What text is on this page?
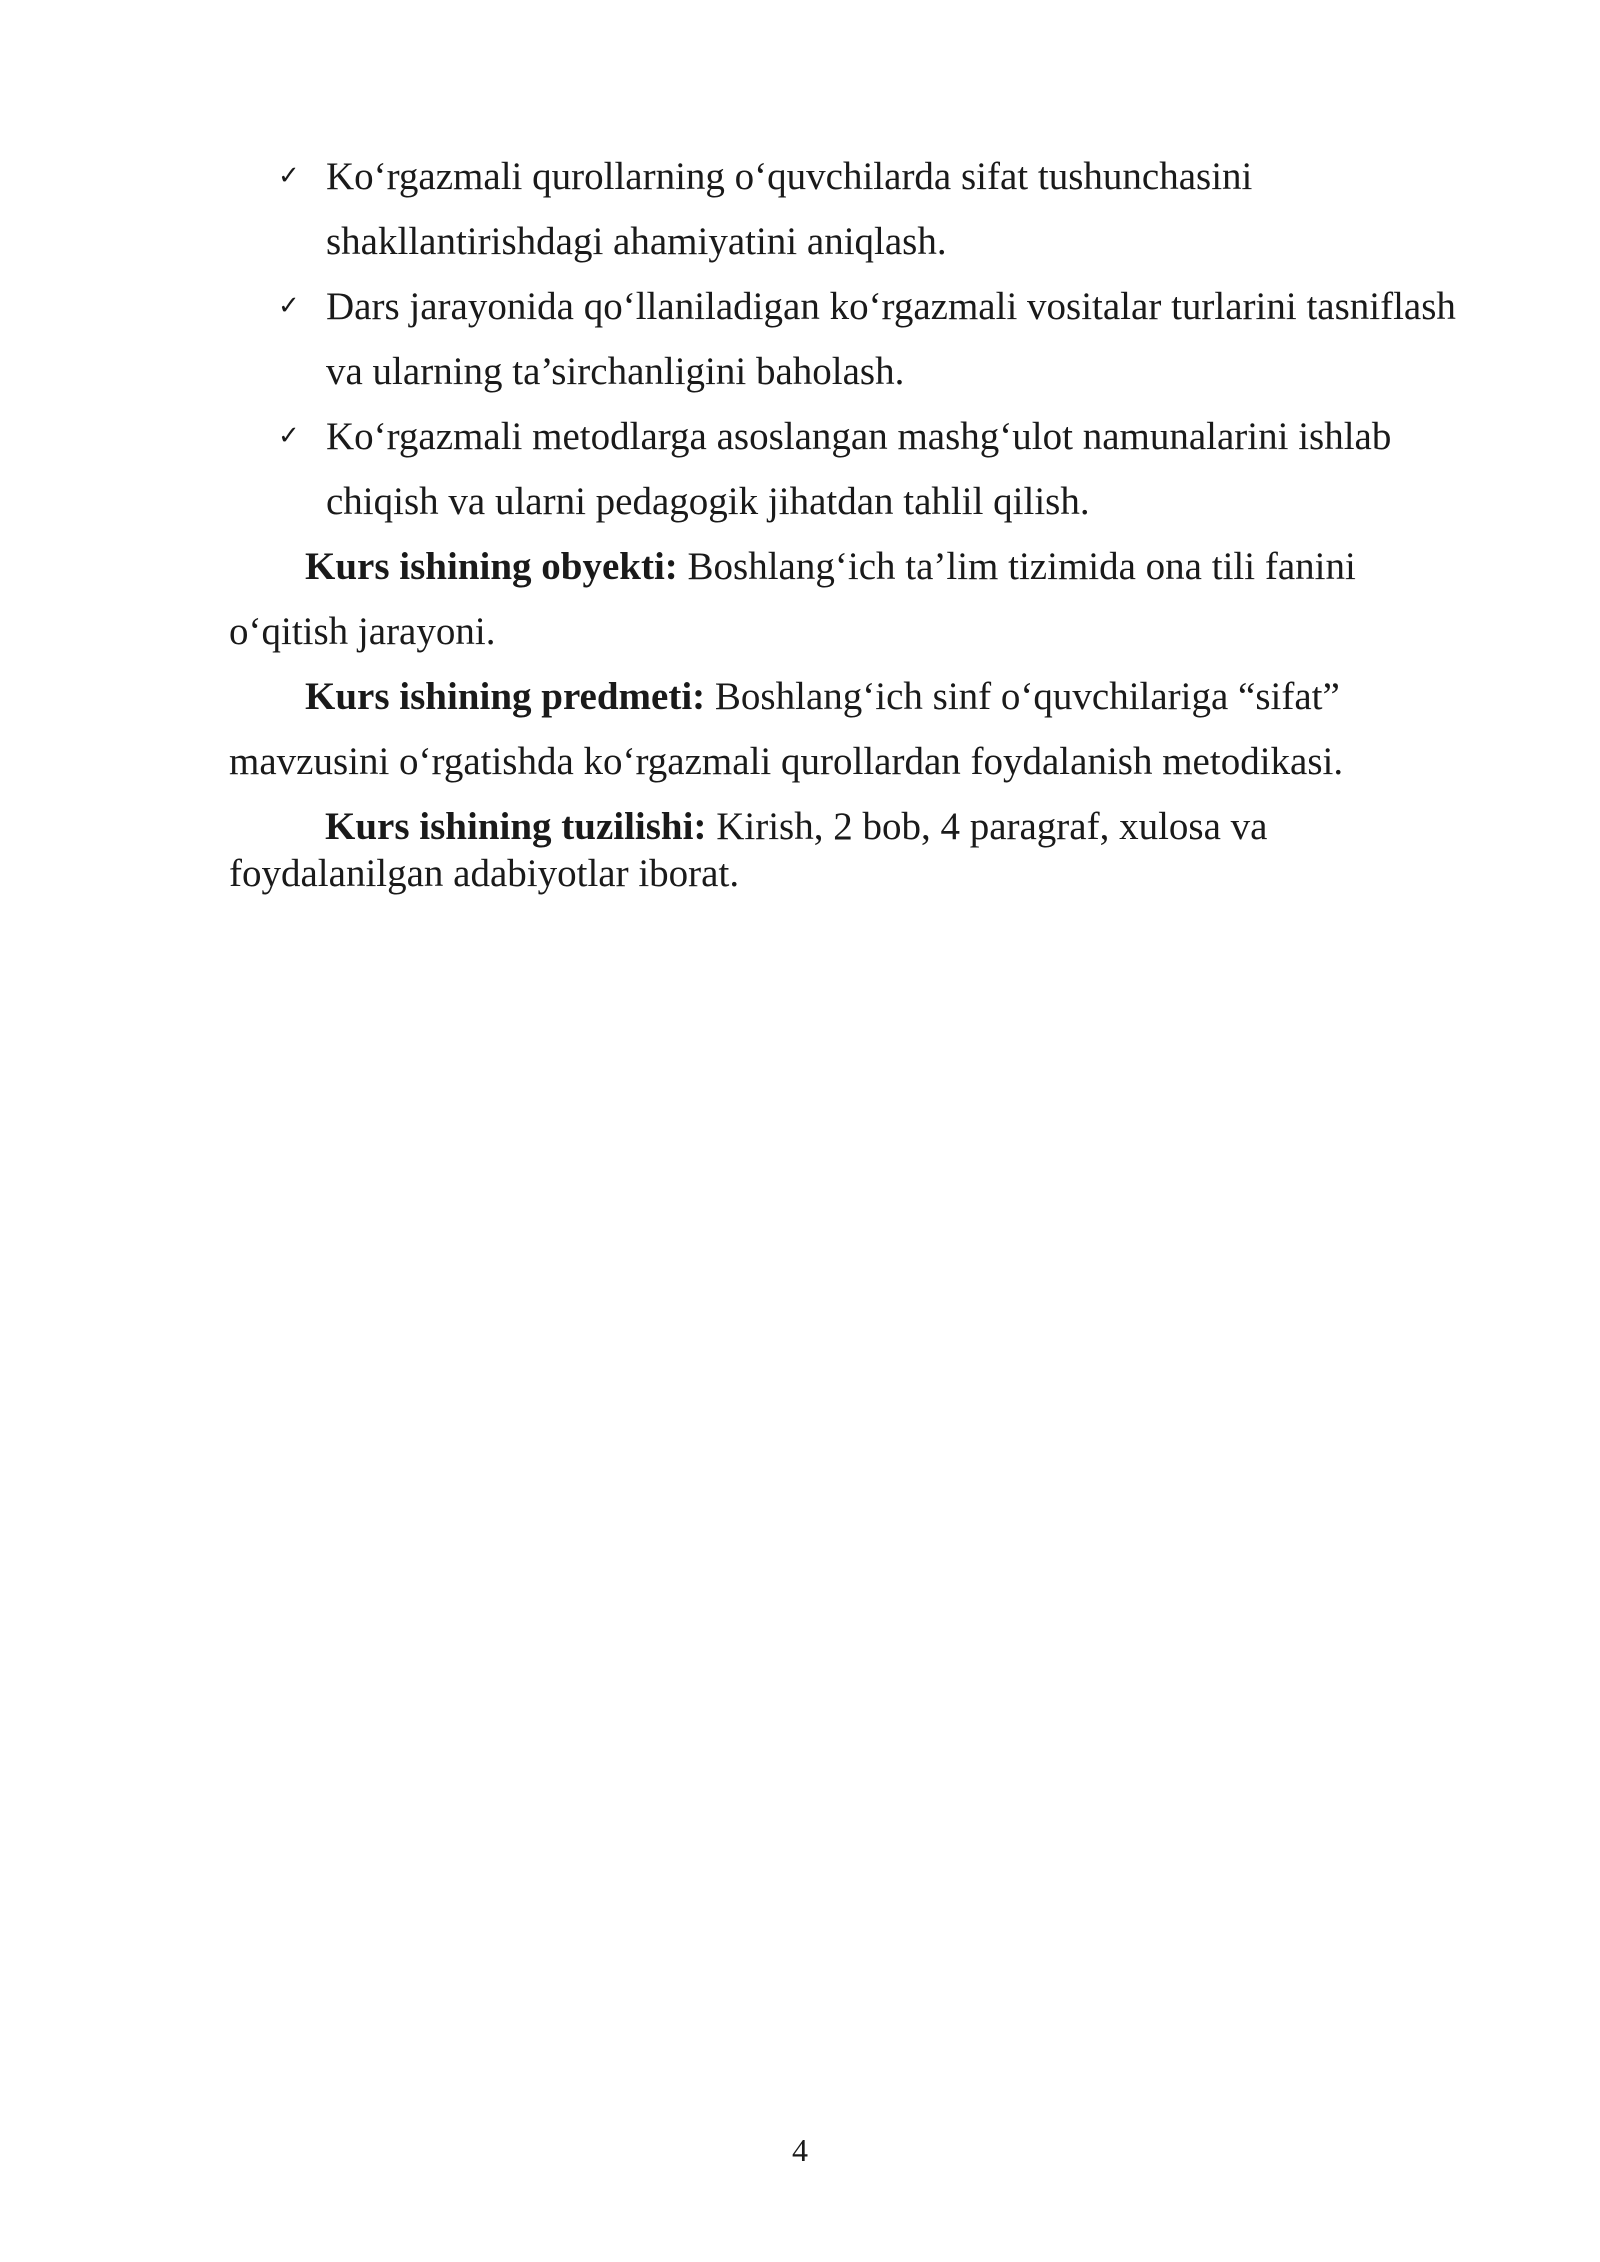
✓ Ko‘rgazmali qurollarning o‘quvchilarda sifat tushunchasini shakllantirishdagi ahamiyatini aniqlash.
✓ Dars jarayonida qo‘llaniladigan ko‘rgazmali vositalar turlarini tasniflash va ularning ta’sirchanligini baholash.
✓ Ko‘rgazmali metodlarga asoslangan mashg‘ulot namunalarini ishlab chiqish va ularni pedagogik jihatdan tahlil qilish.

Kurs ishining obyekti: Boshlang‘ich ta’lim tizimida ona tili fanini o‘qitish jarayoni.

Kurs ishining predmeti: Boshlang‘ich sinf o‘quvchilariga “sifat” mavzusini o‘rgatishda ko‘rgazmali qurollardan foydalanish metodikasi.

Kurs ishining tuzilishi: Kirish, 2 bob, 4 paragraf, xulosa va foydalanilgan adabiyotlar iborat.

4
